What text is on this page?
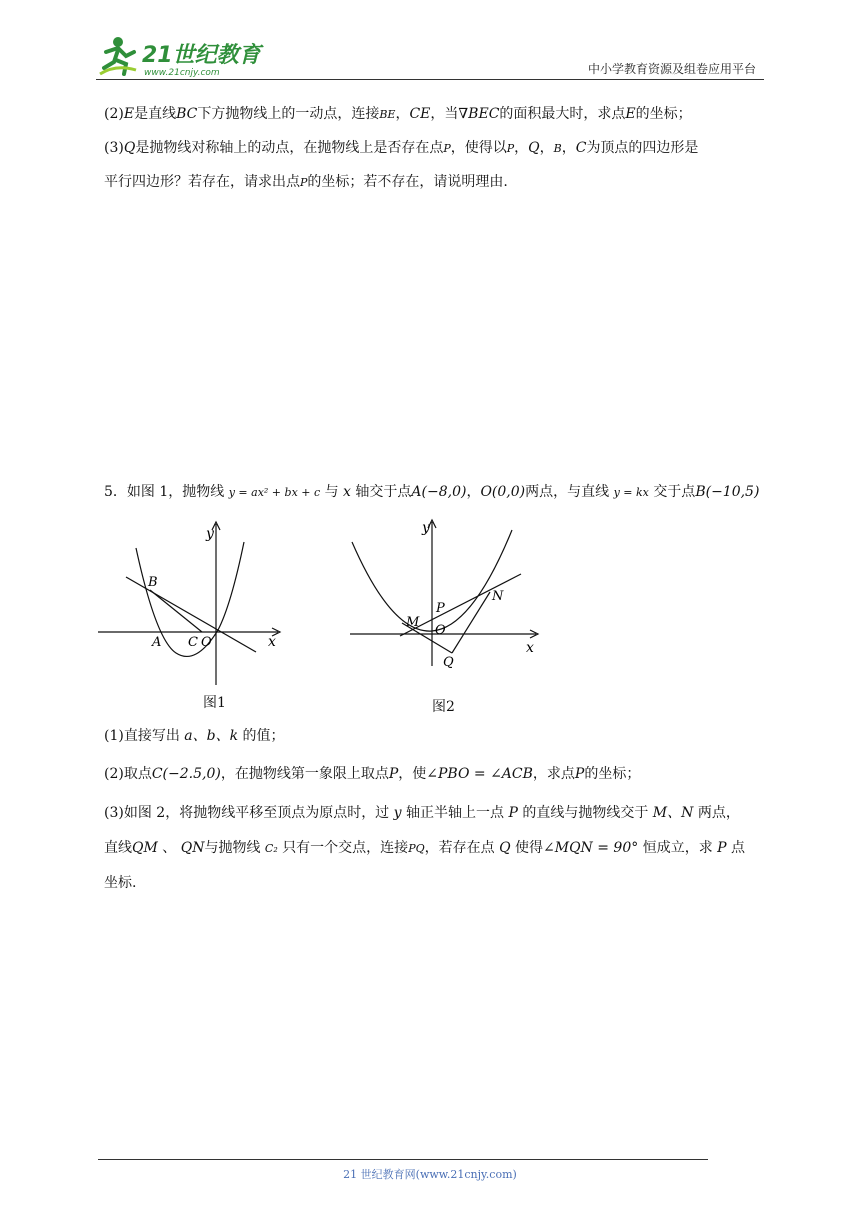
21世纪教育
www.21cnjy.com	中小学教育资源及组卷应用平台
(2)E是直线BC下方抛物线上的一动点，连接BE，CE，当∇BEC的面积最大时，求点E的坐标；
(3)Q是抛物线对称轴上的动点，在抛物线上是否存在点P，使得以P，Q，B，C为顶点的四边形是
平行四边形？若存在，请求出点P的坐标；若不存在，请说明理由.
5．如图 1，抛物线 y = ax² + bx + c 与 x 轴交于点A(−8,0)，O(0,0)两点，与直线 y = kx 交于点B(−10,5)
y
x
B
A C O
图1
y
x
P
N
M
O
Q
图2
(1)直接写出 a、b、k 的值；
(2)取点C(−2.5,0)，在抛物线第一象限上取点P，使∠PBO = ∠ACB，求点P的坐标；
(3)如图 2，将抛物线平移至顶点为原点时，过 y 轴正半轴上一点 P 的直线与抛物线交于 M、N 两点，
直线QM 、 QN与抛物线 C₂ 只有一个交点，连接PQ，若存在点 Q 使得∠MQN = 90° 恒成立，求 P 点
坐标.
21 世纪教育网(www.21cnjy.com)
